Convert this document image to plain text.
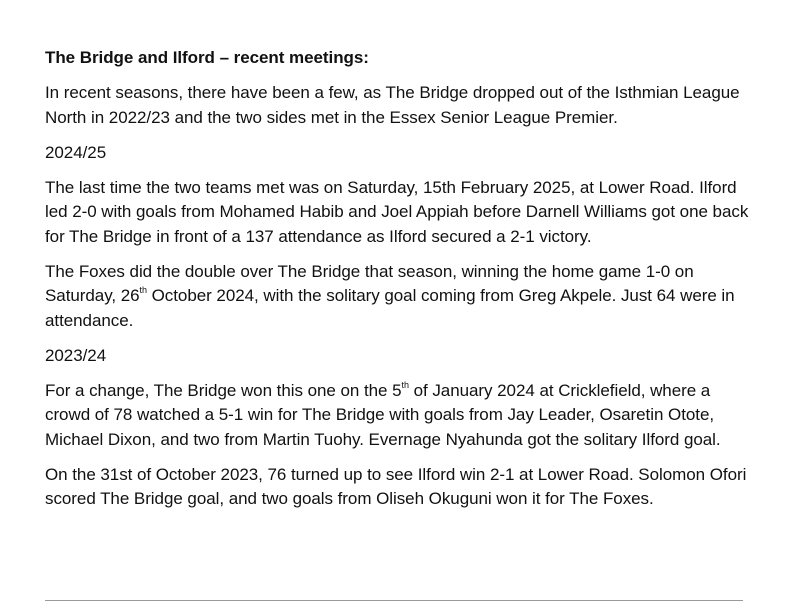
The Bridge and Ilford – recent meetings:

In recent seasons, there have been a few, as The Bridge dropped out of the Isthmian League North in 2022/23 and the two sides met in the Essex Senior League Premier.

2024/25

The last time the two teams met was on Saturday, 15th February 2025, at Lower Road. Ilford led 2-0 with goals from Mohamed Habib and Joel Appiah before Darnell Williams got one back for The Bridge in front of a 137 attendance as Ilford secured a 2-1 victory.

The Foxes did the double over The Bridge that season, winning the home game 1-0 on Saturday, 26th October 2024, with the solitary goal coming from Greg Akpele. Just 64 were in attendance.

2023/24

For a change, The Bridge won this one on the 5th of January 2024 at Cricklefield, where a crowd of 78 watched a 5-1 win for The Bridge with goals from Jay Leader, Osaretin Otote, Michael Dixon, and two from Martin Tuohy. Evernage Nyahunda got the solitary Ilford goal.

On the 31st of October 2023, 76 turned up to see Ilford win 2-1 at Lower Road. Solomon Ofori scored The Bridge goal, and two goals from Oliseh Okuguni won it for The Foxes.
